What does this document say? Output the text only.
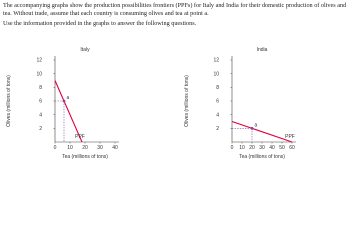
The accompanying graphs show the production possibilities frontiers (PPFs) for Italy and India for their domestic production of olives and tea. Without trade, assume that each country is consuming olives and tea at point a.

Use the information provided in the graphs to answer the following questions.

Italy
2
4
6
8
10
12
0 10 20 30 40
Tea (millions of tons)
Olives (millions of tons)
PPF
a
India
2
4
6
8
10
12
0 10 20 30 40 50 60
Tea (millions of tons)
Olives (millions of tons)
PPF
a
